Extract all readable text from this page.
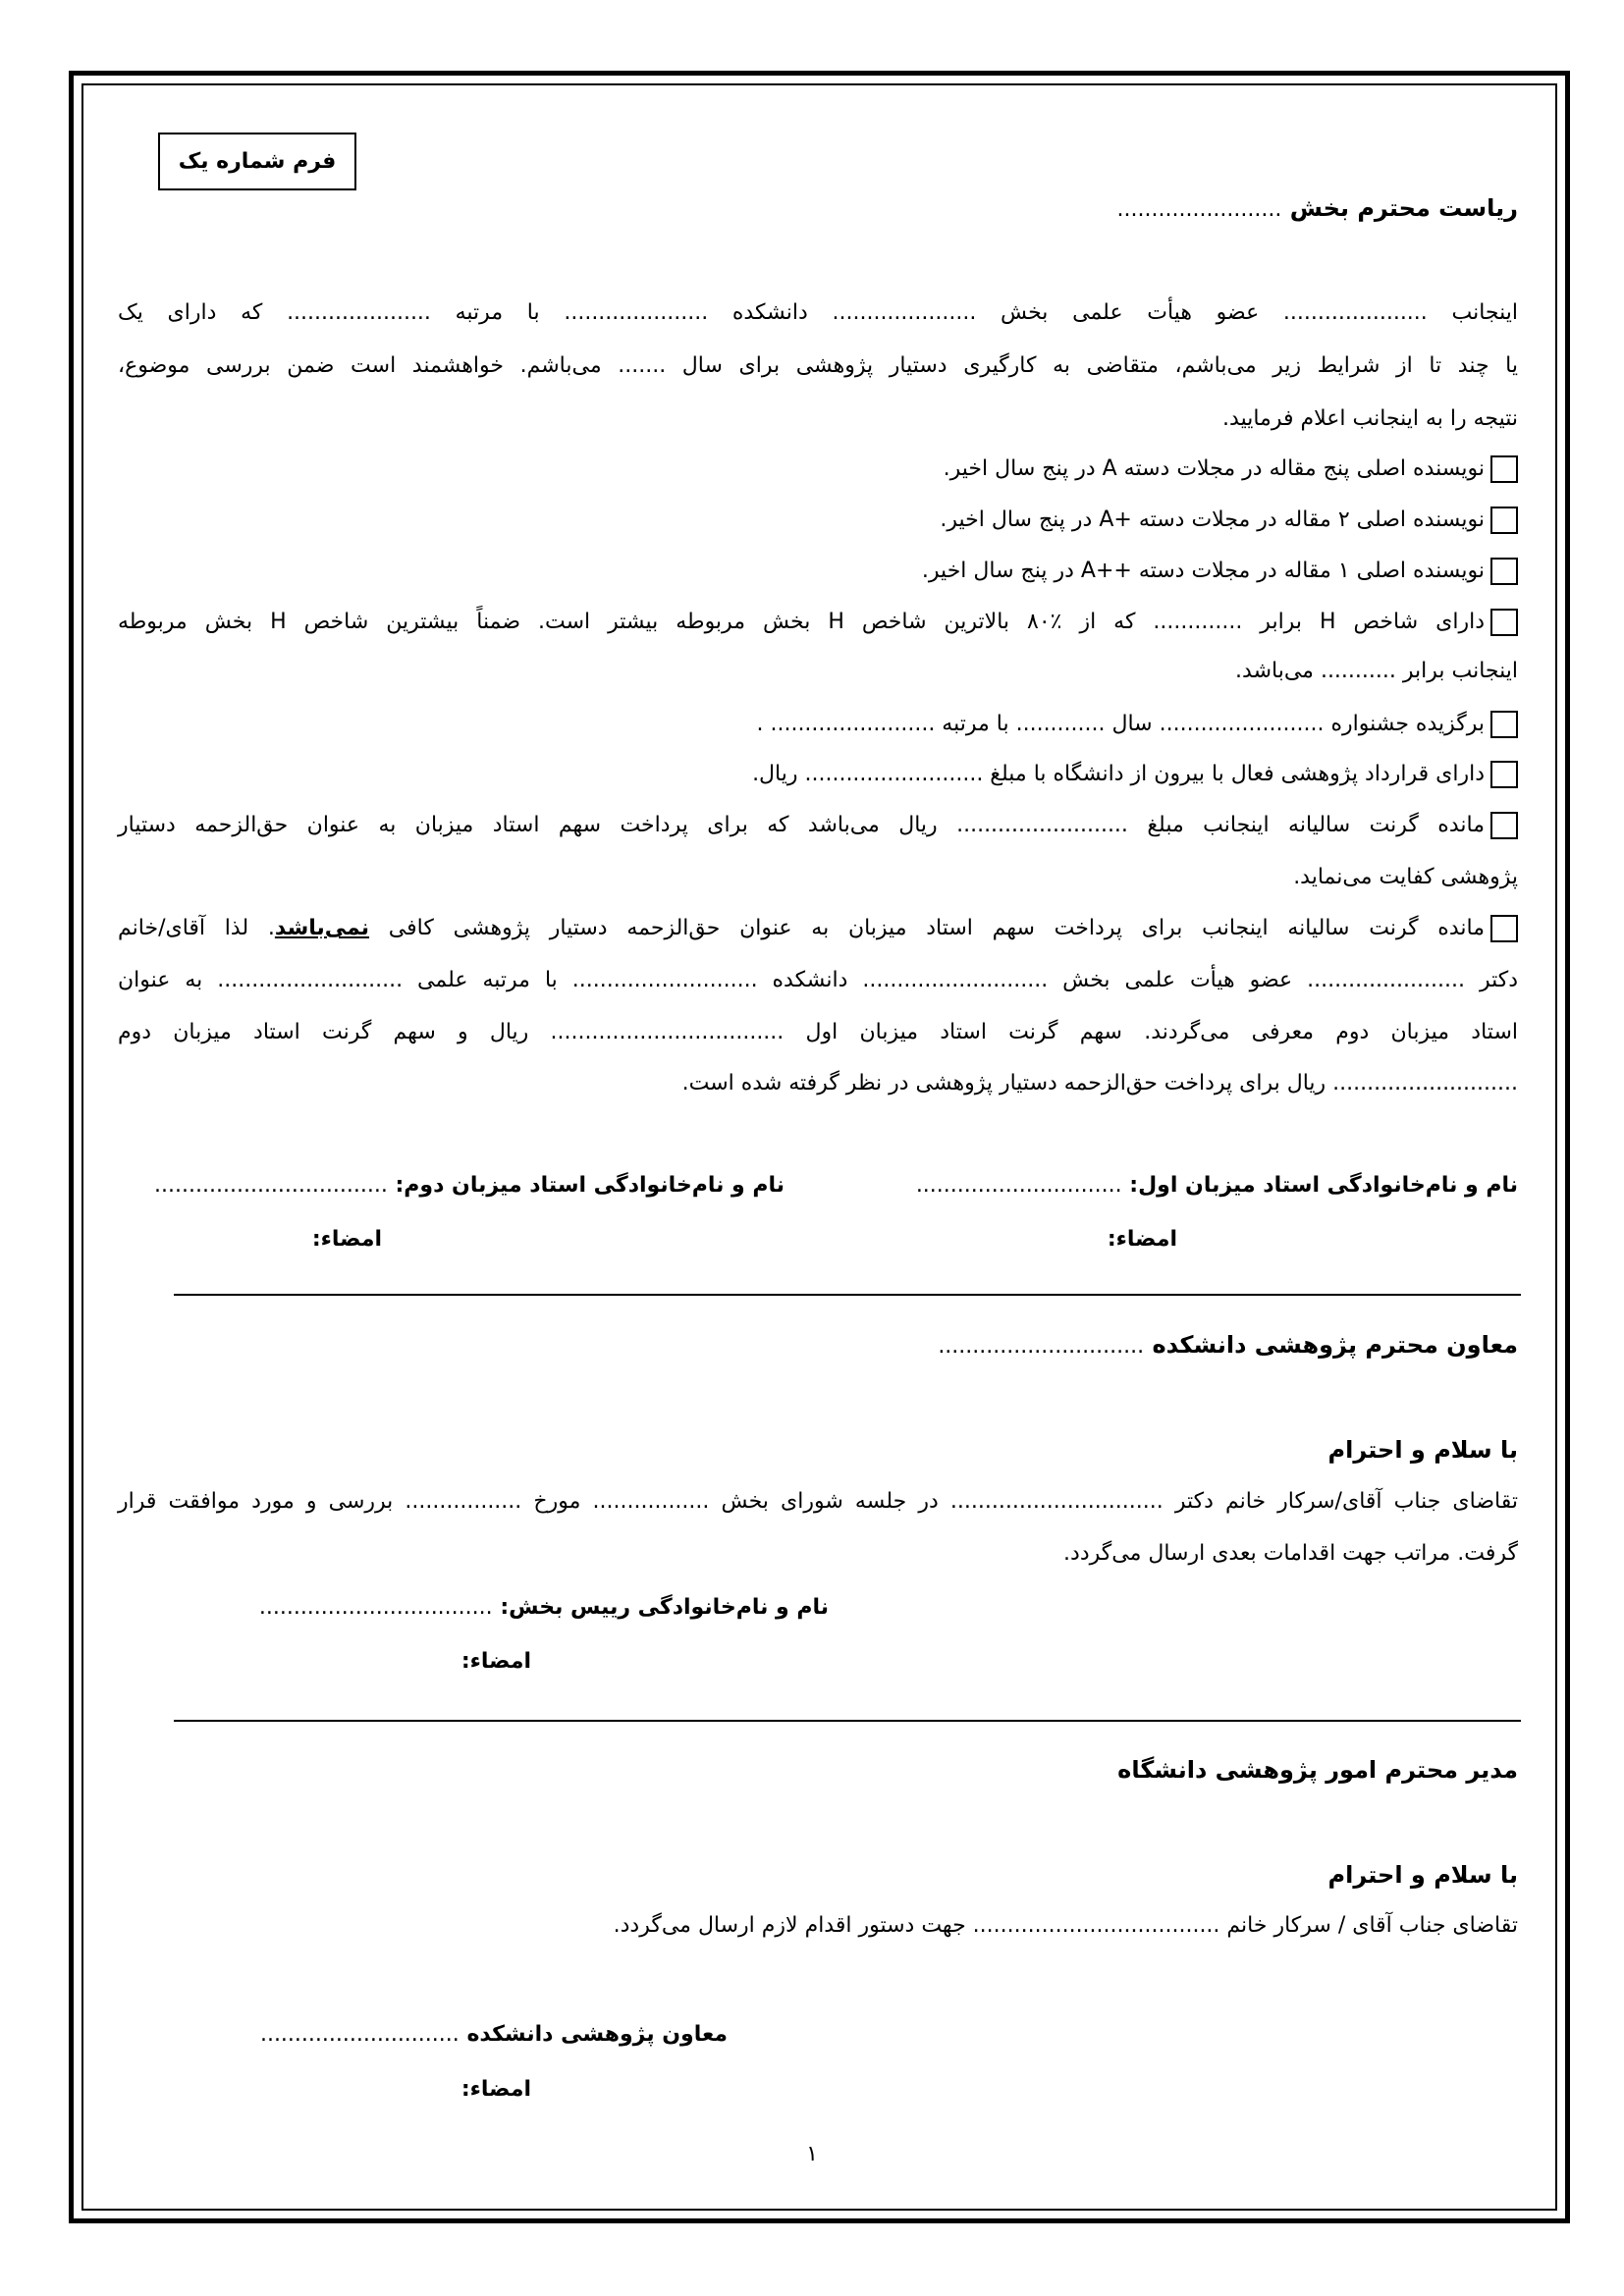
فرم شماره یک
ریاست محترم بخش ........................
اینجانب ..................... عضو هیأت علمی بخش ..................... دانشکده ..................... با مرتبه ..................... که دارای یک
یا چند تا از شرایط زیر می‌باشم، متقاضی به کارگیری دستیار پژوهشی برای سال ....... می‌باشم. خواهشمند است ضمن بررسی موضوع،
نتیجه را به اینجانب اعلام فرمایید.
نویسنده اصلی پنج مقاله در مجلات دسته A در پنج سال اخیر.
نویسنده اصلی ۲ مقاله در مجلات دسته +A در پنج سال اخیر.
نویسنده اصلی ۱ مقاله در مجلات دسته ++A در پنج سال اخیر.
دارای شاخص H برابر ............. که از ٪۸۰ بالاترین شاخص H بخش مربوطه بیشتر است. ضمناً بیشترین شاخص H بخش مربوطه
اینجانب برابر ........... می‌باشد.
برگزیده جشنواره ........................ سال ............. با مرتبه ........................ .
دارای قرارداد پژوهشی فعال با بیرون از دانشگاه با مبلغ .......................... ریال.
مانده گرنت سالیانه اینجانب مبلغ ......................... ریال می‌باشد که برای پرداخت سهم استاد میزبان به عنوان حق‌الزحمه دستیار
پژوهشی کفایت می‌نماید.
مانده گرنت سالیانه اینجانب برای پرداخت سهم استاد میزبان به عنوان حق‌الزحمه دستیار پژوهشی کافی نمی‌باشد. لذا آقای/خانم
دکتر ....................... عضو هیأت علمی بخش ........................... دانشکده ........................... با مرتبه علمی ........................... به عنوان
استاد میزبان دوم معرفی می‌گردند. سهم گرنت استاد میزبان اول .................................. ریال و سهم گرنت استاد میزبان دوم
........................... ریال برای پرداخت حق‌الزحمه دستیار پژوهشی در نظر گرفته شده است.
نام و نام‌خانوادگی استاد میزبان اول: ..............................
نام و نام‌خانوادگی استاد میزبان دوم: ..................................
امضاء:
امضاء:
معاون محترم پژوهشی دانشکده ..............................
با سلام و احترام
تقاضای جناب آقای/سرکار خانم دکتر ............................... در جلسه شورای بخش ................. مورخ ................. بررسی و مورد موافقت قرار
گرفت. مراتب جهت اقدامات بعدی ارسال می‌گردد.
نام و نام‌خانوادگی رییس بخش: ..................................
امضاء:
مدیر محترم امور پژوهشی دانشگاه
با سلام و احترام
تقاضای جناب آقای / سرکار خانم .................................... جهت دستور اقدام لازم ارسال می‌گردد.
معاون پژوهشی دانشکده .............................
امضاء:
۱
